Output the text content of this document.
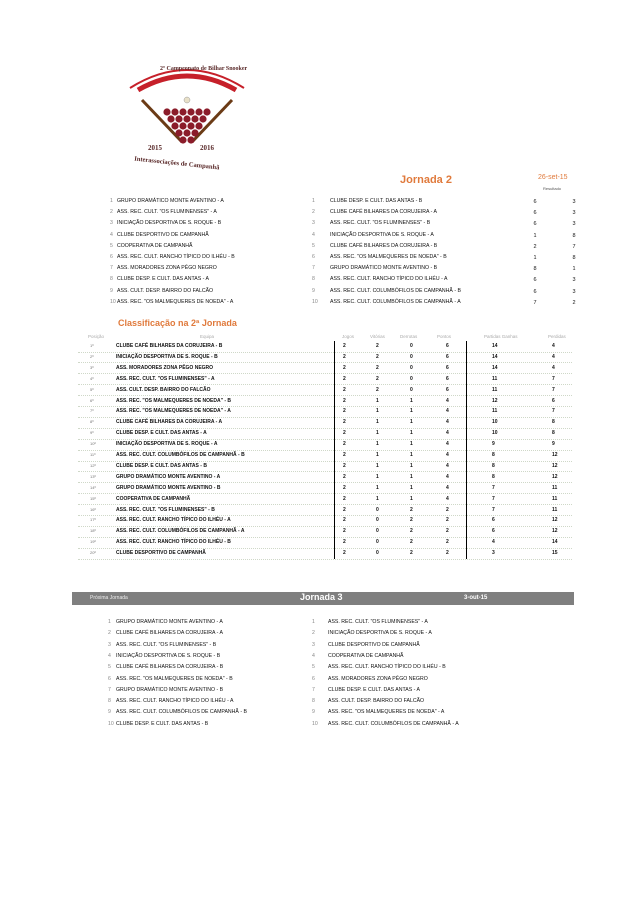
2º Campeonato de Bilhar Snooker
2015	2016
Interassociações de Campanhã
Jornada 2	26-set-15
Resultado
1 GRUPO DRAMÁTICO MONTE AVENTINO - A	1	CLUBE DESP. E CULT. DAS ANTAS - B	6	3
2 ASS. REC. CULT. "OS FLUMINENSES" - A	2	CLUBE CAFÉ BILHARES DA CORUJEIRA - A	6	3
3 INICIAÇÃO DESPORTIVA DE S. ROQUE - B	3	ASS. REC. CULT. "OS FLUMINENSES" - B	6	3
4 CLUBE DESPORTIVO DE CAMPANHÃ	4	INICIAÇÃO DESPORTIVA DE S. ROQUE - A	1	8
5 COOPERATIVA DE CAMPANHÃ	5	CLUBE CAFÉ BILHARES DA CORUJEIRA - B	2	7
6 ASS. REC. CULT. RANCHO TÍPICO DO ILHÉU - B	6	ASS. REC. "OS MALMEQUERES DE NOEDA" - B	1	8
7 ASS. MORADORES ZONA PÊGO NEGRO	7	GRUPO DRAMÁTICO MONTE AVENTINO - B	8	1
8 CLUBE DESP. E CULT. DAS ANTAS - A	8	ASS. REC. CULT. RANCHO TÍPICO DO ILHÉU - A	6	3
9 ASS. CULT. DESP. BAIRRO DO FALCÃO	9	ASS. REC. CULT. COLUMBÓFILOS DE CAMPANHÃ - B	6	3
10 ASS. REC. "OS MALMEQUERES DE NOEDA" - A	10 ASS. REC. CULT. COLUMBÓFILOS DE CAMPANHÃ - A	7	2
Classificação na 2ª Jornada
Posição	Equipa	Jogos	Vitórias	Derrotas	Pontos	Partidas Ganhas	Perdidas
1º	CLUBE CAFÉ BILHARES DA CORUJEIRA - B	2	2	0	6	14	4
2º	INICIAÇÃO DESPORTIVA DE S. ROQUE - B	2	2	0	6	14	4
3º	ASS. MORADORES ZONA PÊGO NEGRO	2	2	0	6	14	4
4º	ASS. REC. CULT. "OS FLUMINENSES" - A	2	2	0	6	11	7
5º	ASS. CULT. DESP. BAIRRO DO FALCÃO	2	2	0	6	11	7
6º	ASS. REC. "OS MALMEQUERES DE NOEDA" - B	2	1	1	4	12	6
7º	ASS. REC. "OS MALMEQUERES DE NOEDA" - A	2	1	1	4	11	7
8º	CLUBE CAFÉ BILHARES DA CORUJEIRA - A	2	1	1	4	10	8
9º	CLUBE DESP. E CULT. DAS ANTAS - A	2	1	1	4	10	8
10º	INICIAÇÃO DESPORTIVA DE S. ROQUE - A	2	1	1	4	9	9
11º	ASS. REC. CULT. COLUMBÓFILOS DE CAMPANHÃ - B	2	1	1	4	8	12
12º	CLUBE DESP. E CULT. DAS ANTAS - B	2	1	1	4	8	12
13º	GRUPO DRAMÁTICO MONTE AVENTINO - A	2	1	1	4	8	12
14º	GRUPO DRAMÁTICO MONTE AVENTINO - B	2	1	1	4	7	11
15º	COOPERATIVA DE CAMPANHÃ	2	1	1	4	7	11
16º	ASS. REC. CULT. "OS FLUMINENSES" - B	2	0	2	2	7	11
17º	ASS. REC. CULT. RANCHO TÍPICO DO ILHÉU - A	2	0	2	2	6	12
18º	ASS. REC. CULT. COLUMBÓFILOS DE CAMPANHÃ - A	2	0	2	2	6	12
19º	ASS. REC. CULT. RANCHO TÍPICO DO ILHÉU - B	2	0	2	2	4	14
20º	CLUBE DESPORTIVO DE CAMPANHÃ	2	0	2	2	3	15
Próxima Jornada	Jornada 3	3-out-15
1 GRUPO DRAMÁTICO MONTE AVENTINO - A	1	ASS. REC. CULT. "OS FLUMINENSES" - A
2 CLUBE CAFÉ BILHARES DA CORUJEIRA - A	2	INICIAÇÃO DESPORTIVA DE S. ROQUE - A
3 ASS. REC. CULT. "OS FLUMINENSES" - B	3	CLUBE DESPORTIVO DE CAMPANHÃ
4 INICIAÇÃO DESPORTIVA DE S. ROQUE - B	4	COOPERATIVA DE CAMPANHÃ
5 CLUBE CAFÉ BILHARES DA CORUJEIRA - B	5	ASS. REC. CULT. RANCHO TÍPICO DO ILHÉU - B
6 ASS. REC. "OS MALMEQUERES DE NOEDA" - B	6	ASS. MORADORES ZONA PÊGO NEGRO
7 GRUPO DRAMÁTICO MONTE AVENTINO - B	7	CLUBE DESP. E CULT. DAS ANTAS - A
8 ASS. REC. CULT. RANCHO TÍPICO DO ILHÉU - A	8	ASS. CULT. DESP. BAIRRO DO FALCÃO
9 ASS. REC. CULT. COLUMBÓFILOS DE CAMPANHÃ - B	9	ASS. REC. "OS MALMEQUERES DE NOEDA" - A
10 CLUBE DESP. E CULT. DAS ANTAS - B	10 ASS. REC. CULT. COLUMBÓFILOS DE CAMPANHÃ - A
